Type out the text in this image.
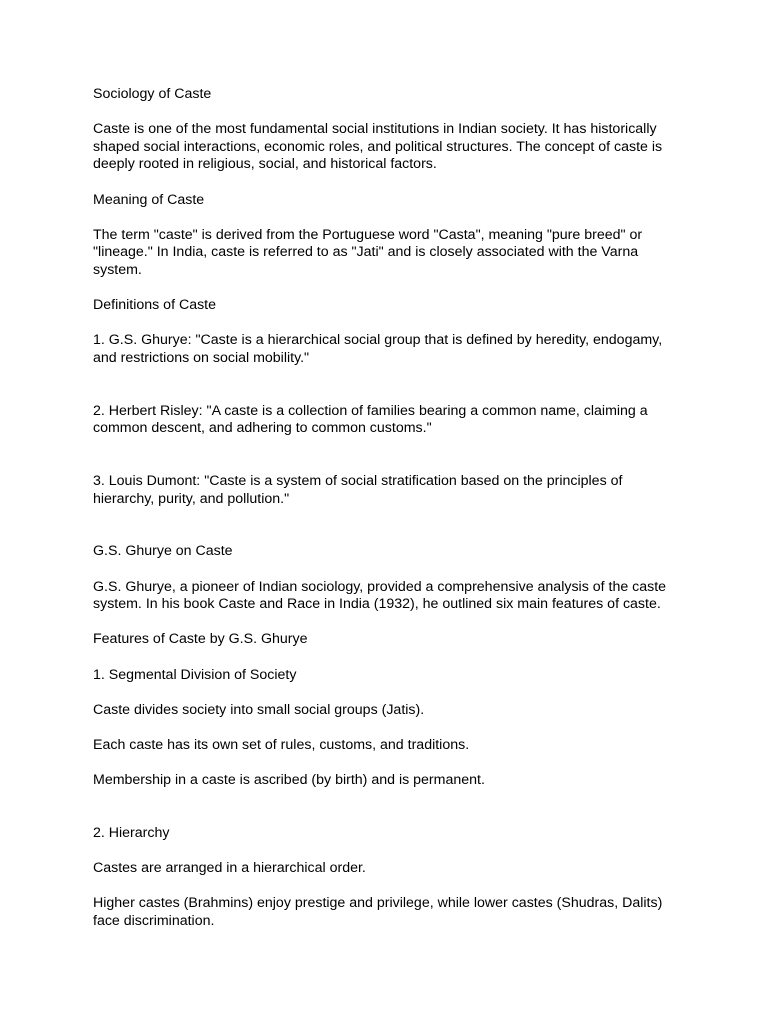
Sociology of Caste

Caste is one of the most fundamental social institutions in Indian society. It has historically shaped social interactions, economic roles, and political structures. The concept of caste is deeply rooted in religious, social, and historical factors.

Meaning of Caste

The term "caste" is derived from the Portuguese word "Casta", meaning "pure breed" or "lineage." In India, caste is referred to as "Jati" and is closely associated with the Varna system.

Definitions of Caste

1. G.S. Ghurye: "Caste is a hierarchical social group that is defined by heredity, endogamy, and restrictions on social mobility."

2. Herbert Risley: "A caste is a collection of families bearing a common name, claiming a common descent, and adhering to common customs."

3. Louis Dumont: "Caste is a system of social stratification based on the principles of hierarchy, purity, and pollution."

G.S. Ghurye on Caste

G.S. Ghurye, a pioneer of Indian sociology, provided a comprehensive analysis of the caste system. In his book Caste and Race in India (1932), he outlined six main features of caste.

Features of Caste by G.S. Ghurye

1. Segmental Division of Society

Caste divides society into small social groups (Jatis).

Each caste has its own set of rules, customs, and traditions.

Membership in a caste is ascribed (by birth) and is permanent.

2. Hierarchy

Castes are arranged in a hierarchical order.

Higher castes (Brahmins) enjoy prestige and privilege, while lower castes (Shudras, Dalits) face discrimination.
